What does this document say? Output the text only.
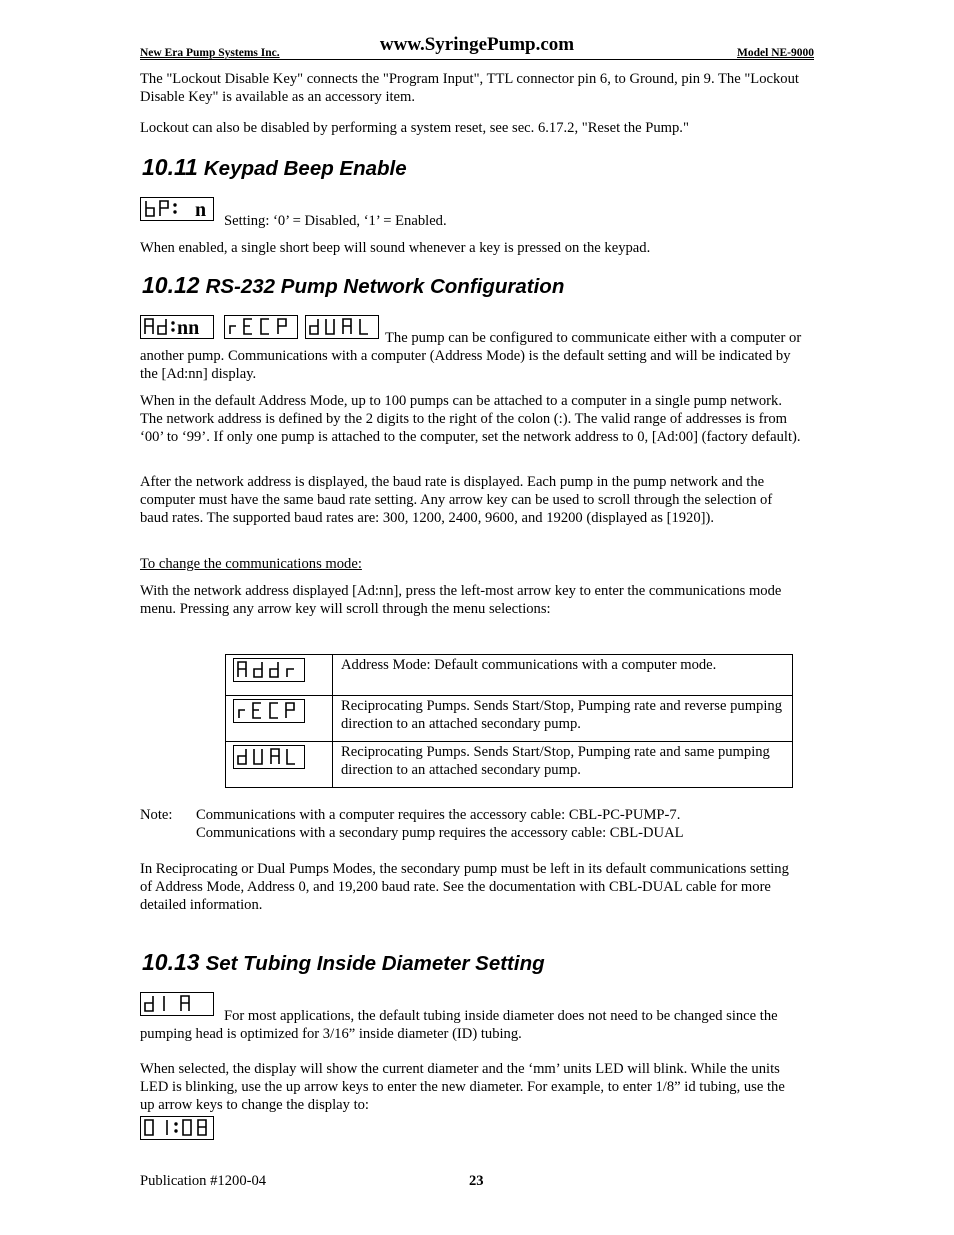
New Era Pump Systems Inc.	www.SyringePump.com	Model NE-9000

The "Lockout Disable Key" connects the "Program Input", TTL connector pin 6, to Ground, pin 9. The "Lockout Disable Key" is available as an accessory item.

Lockout can also be disabled by performing a system reset, see sec. 6.17.2, "Reset the Pump."

10.11 Keypad Beep Enable
n Setting: ‘0’ = Disabled, ‘1’ = Enabled.

When enabled, a single short beep will sound whenever a key is pressed on the keypad.

10.12 RS-232 Pump Network Configuration
nn	The pump can be configured to communicate either with a computer or another pump. Communications with a computer (Address Mode) is the default setting and will be indicated by the [Ad:nn] display.

When in the default Address Mode, up to 100 pumps can be attached to a computer in a single pump network. The network address is defined by the 2 digits to the right of the colon (:). The valid range of addresses is from ‘00’ to ‘99’. If only one pump is attached to the computer, set the network address to 0, [Ad:00] (factory default).

After the network address is displayed, the baud rate is displayed. Each pump in the pump network and the computer must have the same baud rate setting. Any arrow key can be used to scroll through the selection of baud rates. The supported baud rates are: 300, 1200, 2400, 9600, and 19200 (displayed as [1920]).

To change the communications mode:

With the network address displayed [Ad:nn], press the left-most arrow key to enter the communications mode menu. Pressing any arrow key will scroll through the menu selections:

	Address Mode: Default communications with a computer mode.

	Reciprocating Pumps. Sends Start/Stop, Pumping rate and reverse pumping direction to an attached secondary pump.

	Reciprocating Pumps. Sends Start/Stop, Pumping rate and same pumping direction to an attached secondary pump.
Note:	Communications with a computer requires the accessory cable: CBL-PC-PUMP-7.

Communications with a secondary pump requires the accessory cable: CBL-DUAL

In Reciprocating or Dual Pumps Modes, the secondary pump must be left in its default communications setting of Address Mode, Address 0, and 19,200 baud rate. See the documentation with CBL-DUAL cable for more detailed information.

10.13 Set Tubing Inside Diameter Setting

For most applications, the default tubing inside diameter does not need to be changed since the pumping head is optimized for 3/16” inside diameter (ID) tubing.

When selected, the display will show the current diameter and the ‘mm’ units LED will blink. While the units LED is blinking, use the up arrow keys to enter the new diameter. For example, to enter 1/8” id tubing, use the up arrow keys to change the display to:

Publication #1200-04	23
